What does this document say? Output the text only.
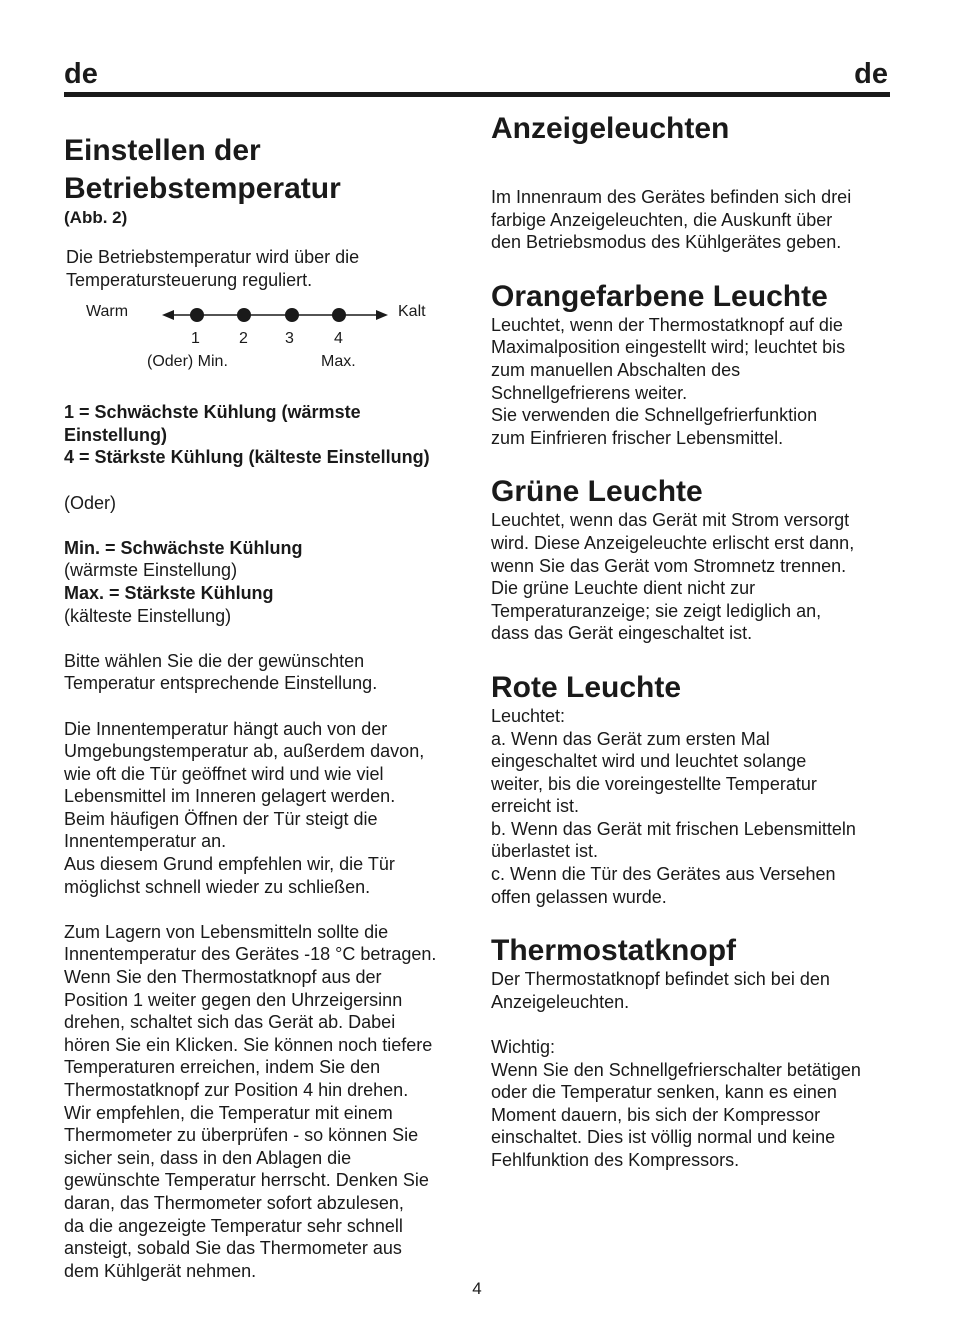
de	de
Einstellen der
Betriebstemperatur

(Abb. 2)

Die Betriebstemperatur wird über die
Temperatursteuerung reguliert.

Warm	Kalt
1 2 3	4
(Oder) Min.	Max.

1 = Schwächste Kühlung (wärmste
Einstellung)

4 = Stärkste Kühlung (kälteste Einstellung)

(Oder)

Min. = Schwächste Kühlung

(wärmste Einstellung)

Max. = Stärkste Kühlung

(kälteste Einstellung)

Bitte wählen Sie die der gewünschten
Temperatur entsprechende Einstellung.

Die Innentemperatur hängt auch von der
Umgebungstemperatur ab, außerdem davon,
wie oft die Tür geöffnet wird und wie viel
Lebensmittel im Inneren gelagert werden.
Beim häufigen Öffnen der Tür steigt die
Innentemperatur an.
Aus diesem Grund empfehlen wir, die Tür
möglichst schnell wieder zu schließen.

Zum Lagern von Lebensmitteln sollte die
Innentemperatur des Gerätes -18 °C betragen.
Wenn Sie den Thermostatknopf aus der
Position 1 weiter gegen den Uhrzeigersinn
drehen, schaltet sich das Gerät ab. Dabei
hören Sie ein Klicken. Sie können noch tiefere
Temperaturen erreichen, indem Sie den
Thermostatknopf zur Position 4 hin drehen.
Wir empfehlen, die Temperatur mit einem
Thermometer zu überprüfen - so können Sie
sicher sein, dass in den Ablagen die
gewünschte Temperatur herrscht. Denken Sie
daran, das Thermometer sofort abzulesen,
da die angezeigte Temperatur sehr schnell
ansteigt, sobald Sie das Thermometer aus
dem Kühlgerät nehmen.

Anzeigeleuchten

Im Innenraum des Gerätes befinden sich drei
farbige Anzeigeleuchten, die Auskunft über
den Betriebsmodus des Kühlgerätes geben.

Orangefarbene Leuchte

Leuchtet, wenn der Thermostatknopf auf die
Maximalposition eingestellt wird; leuchtet bis
zum manuellen Abschalten des
Schnellgefrierens weiter.
Sie verwenden die Schnellgefrierfunktion
zum Einfrieren frischer Lebensmittel.

Grüne Leuchte

Leuchtet, wenn das Gerät mit Strom versorgt
wird. Diese Anzeigeleuchte erlischt erst dann,
wenn Sie das Gerät vom Stromnetz trennen.
Die grüne Leuchte dient nicht zur
Temperaturanzeige; sie zeigt lediglich an,
dass das Gerät eingeschaltet ist.

Rote Leuchte

Leuchtet:
a. Wenn das Gerät zum ersten Mal
eingeschaltet wird und leuchtet solange
weiter, bis die voreingestellte Temperatur
erreicht ist.
b. Wenn das Gerät mit frischen Lebensmitteln
überlastet ist.
c. Wenn die Tür des Gerätes aus Versehen
offen gelassen wurde.

Thermostatknopf

Der Thermostatknopf befindet sich bei den
Anzeigeleuchten.

Wichtig:

Wenn Sie den Schnellgefrierschalter betätigen
oder die Temperatur senken, kann es einen
Moment dauern, bis sich der Kompressor
einschaltet. Dies ist völlig normal und keine
Fehlfunktion des Kompressors.

4
